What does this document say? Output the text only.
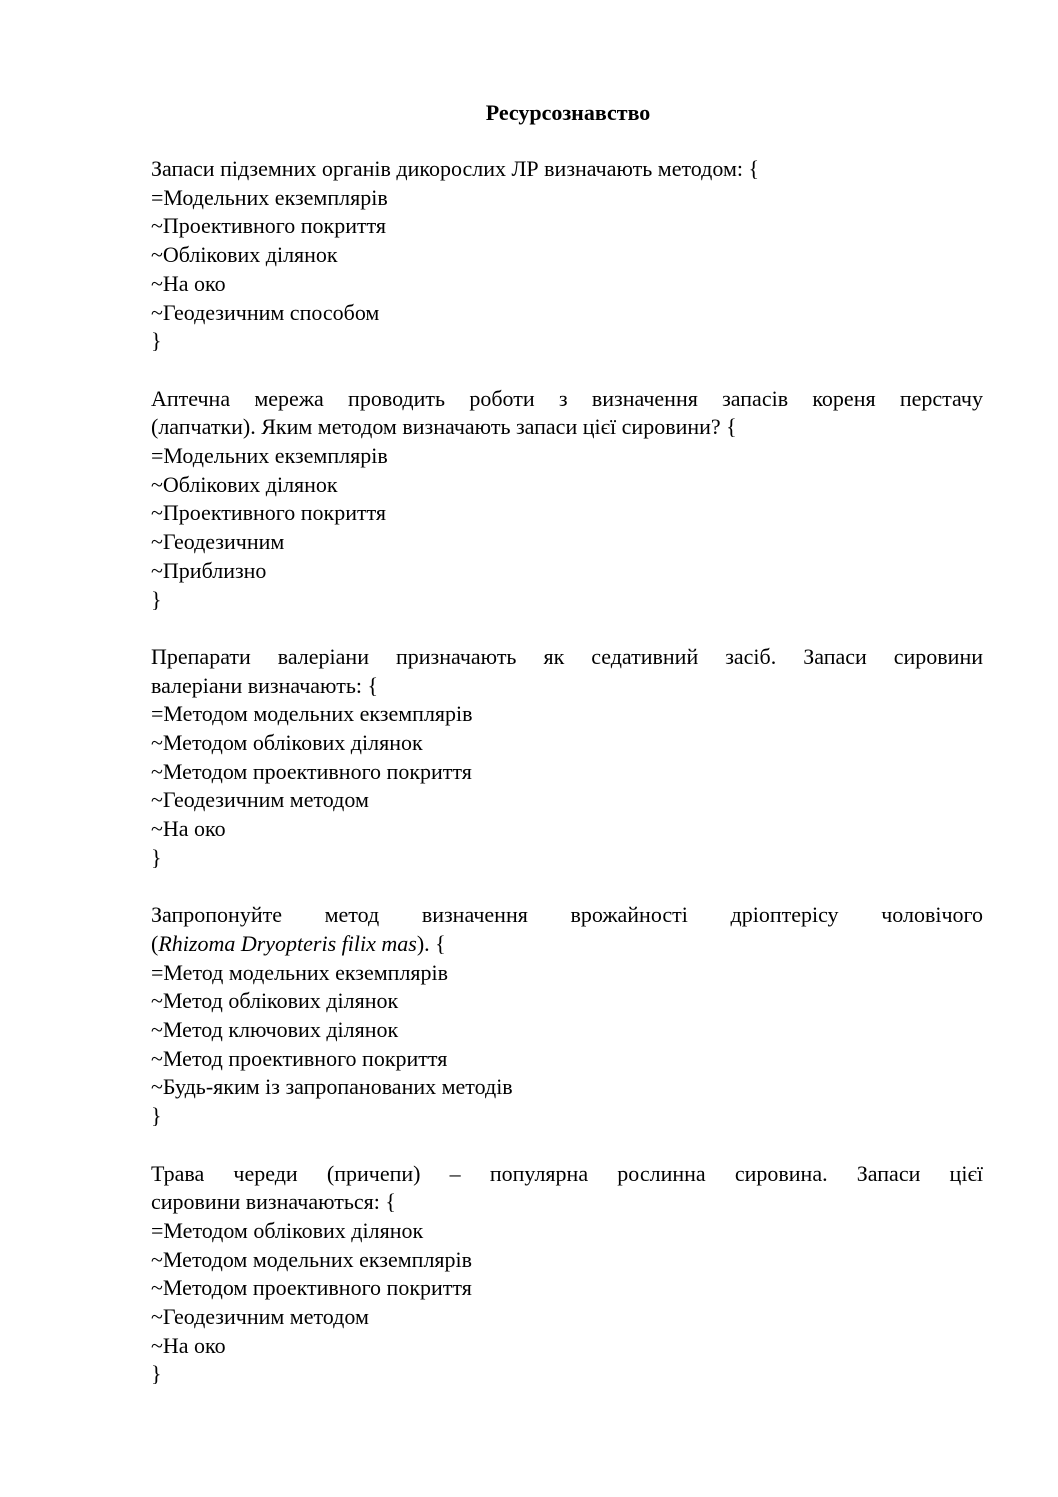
Ресурсознавство

Запаси підземних органів дикорослих ЛР визначають методом: {

=Модельних екземплярів

~Проективного покриття

~Облікових ділянок

~На око

~Геодезичним способом

}

Аптечна мережа проводить роботи з визначення запасів кореня перстачу

(лапчатки). Яким методом визначають запаси цієї сировини? {

=Модельних екземплярів

~Облікових ділянок

~Проективного покриття

~Геодезичним

~Приблизно

}

Препарати валеріани призначають як седативний засіб. Запаси сировини

валеріани визначають: {

=Методом модельних екземплярів

~Методом облікових ділянок

~Методом проективного покриття

~Геодезичним методом

~На око

}

Запропонуйте метод визначення врожайності дріоптерісу чоловічого

(Rhizoma Dryopteris filix mas). {

=Метод модельних екземплярів

~Метод облікових ділянок

~Метод ключових ділянок

~Метод проективного покриття

~Будь-яким із запропанованих методів

}

Трава череди (причепи) – популярна рослинна сировина. Запаси цієї

сировини визначаються: {

=Методом облікових ділянок

~Методом модельних екземплярів

~Методом проективного покриття

~Геодезичним методом

~На око

}
